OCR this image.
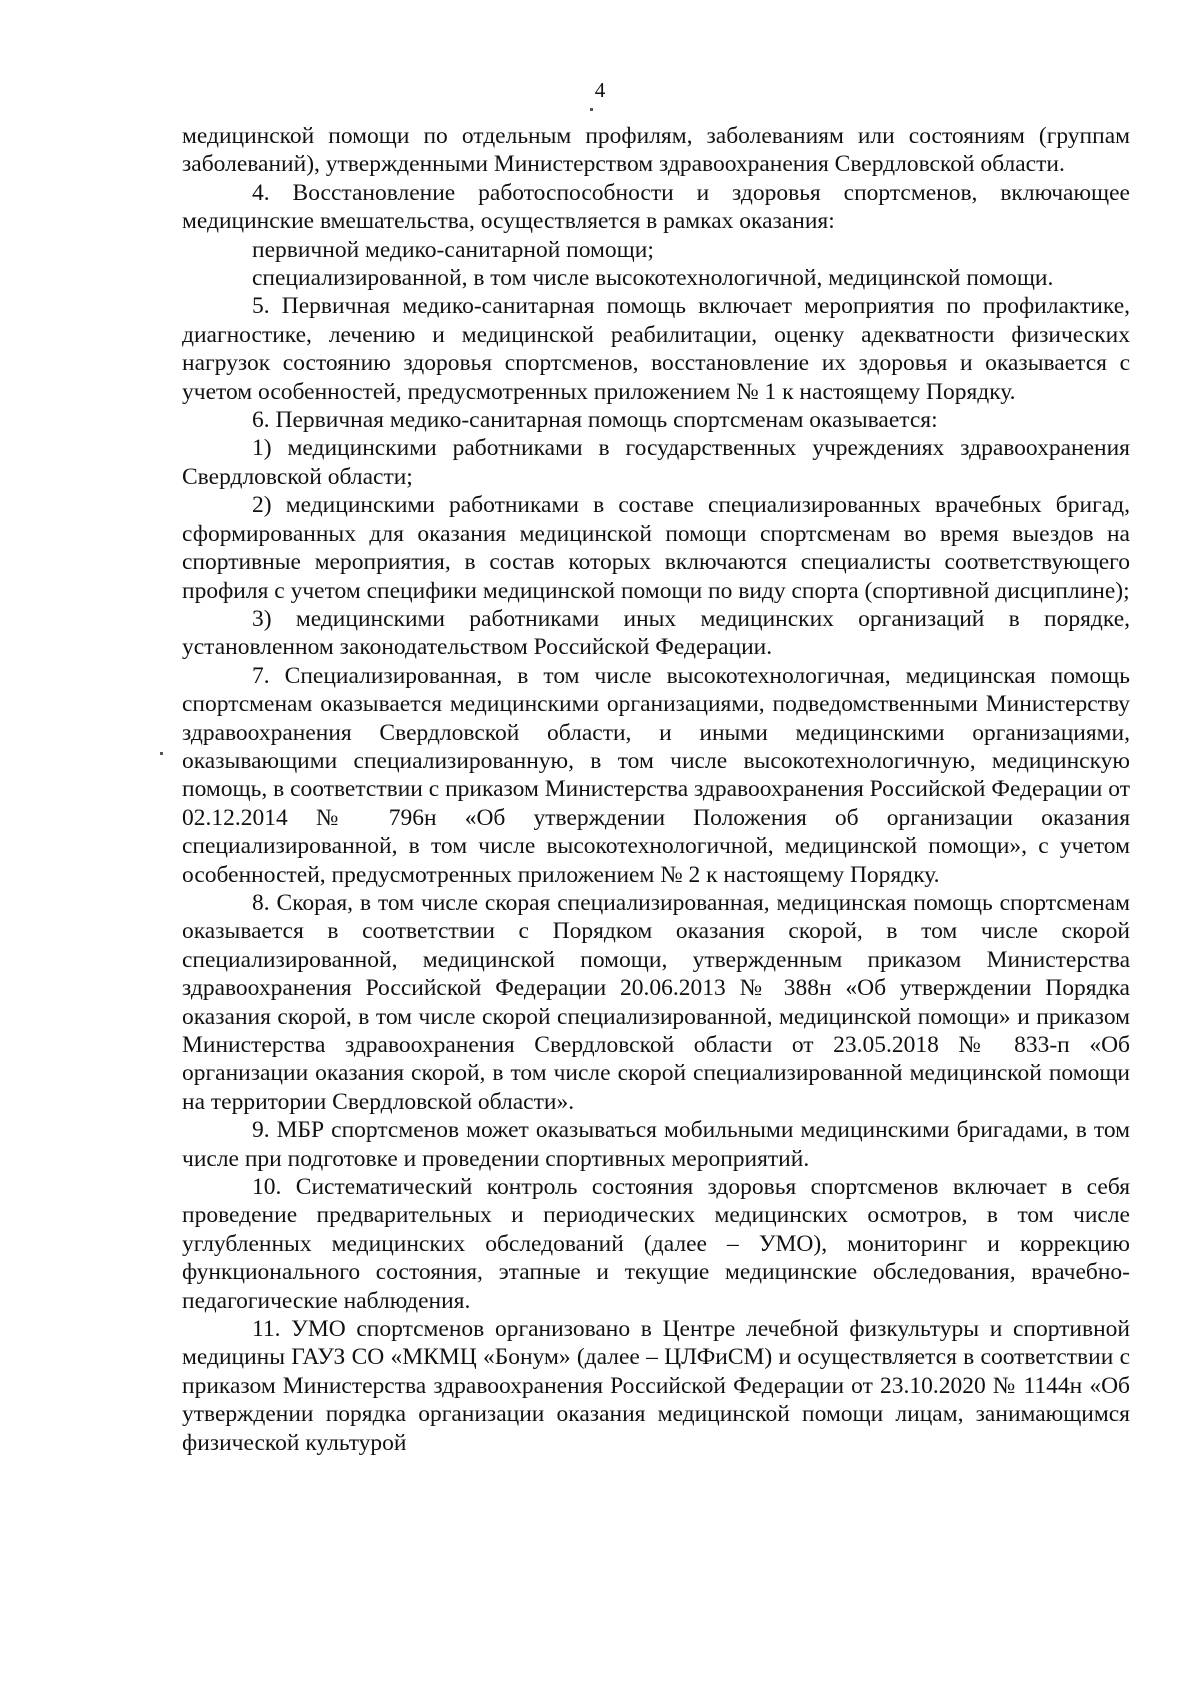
4

медицинской помощи по отдельным профилям, заболеваниям или состояниям (группам заболеваний), утвержденными Министерством здравоохранения Свердловской области.

4. Восстановление работоспособности и здоровья спортсменов, включающее медицинские вмешательства, осуществляется в рамках оказания:

первичной медико-санитарной помощи;

специализированной, в том числе высокотехнологичной, медицинской помощи.

5. Первичная медико-санитарная помощь включает мероприятия по профилактике, диагностике, лечению и медицинской реабилитации, оценку адекватности физических нагрузок состоянию здоровья спортсменов, восстановление их здоровья и оказывается с учетом особенностей, предусмотренных приложением № 1 к настоящему Порядку.

6. Первичная медико-санитарная помощь спортсменам оказывается:

1) медицинскими работниками в государственных учреждениях здравоохранения Свердловской области;

2) медицинскими работниками в составе специализированных врачебных бригад, сформированных для оказания медицинской помощи спортсменам во время выездов на спортивные мероприятия, в состав которых включаются специалисты соответствующего профиля с учетом специфики медицинской помощи по виду спорта (спортивной дисциплине);

3) медицинскими работниками иных медицинских организаций в порядке, установленном законодательством Российской Федерации.

7. Специализированная, в том числе высокотехнологичная, медицинская помощь спортсменам оказывается медицинскими организациями, подведомственными Министерству здравоохранения Свердловской области, и иными медицинскими организациями, оказывающими специализированную, в том числе высокотехнологичную, медицинскую помощь, в соответствии с приказом Министерства здравоохранения Российской Федерации от 02.12.2014 № 796н «Об утверждении Положения об организации оказания специализированной, в том числе высокотехнологичной, медицинской помощи», с учетом особенностей, предусмотренных приложением № 2 к настоящему Порядку.

8. Скорая, в том числе скорая специализированная, медицинская помощь спортсменам оказывается в соответствии с Порядком оказания скорой, в том числе скорой специализированной, медицинской помощи, утвержденным приказом Министерства здравоохранения Российской Федерации 20.06.2013 № 388н «Об утверждении Порядка оказания скорой, в том числе скорой специализированной, медицинской помощи» и приказом Министерства здравоохранения Свердловской области от 23.05.2018 № 833-п «Об организации оказания скорой, в том числе скорой специализированной медицинской помощи на территории Свердловской области».

9. МБР спортсменов может оказываться мобильными медицинскими бригадами, в том числе при подготовке и проведении спортивных мероприятий.

10. Систематический контроль состояния здоровья спортсменов включает в себя проведение предварительных и периодических медицинских осмотров, в том числе углубленных медицинских обследований (далее – УМО), мониторинг и коррекцию функционального состояния, этапные и текущие медицинские обследования, врачебно-педагогические наблюдения.

11. УМО спортсменов организовано в Центре лечебной физкультуры и спортивной медицины ГАУЗ СО «МКМЦ «Бонум» (далее – ЦЛФиСМ) и осуществляется в соответствии с приказом Министерства здравоохранения Российской Федерации от 23.10.2020 № 1144н «Об утверждении порядка организации оказания медицинской помощи лицам, занимающимся физической культурой
